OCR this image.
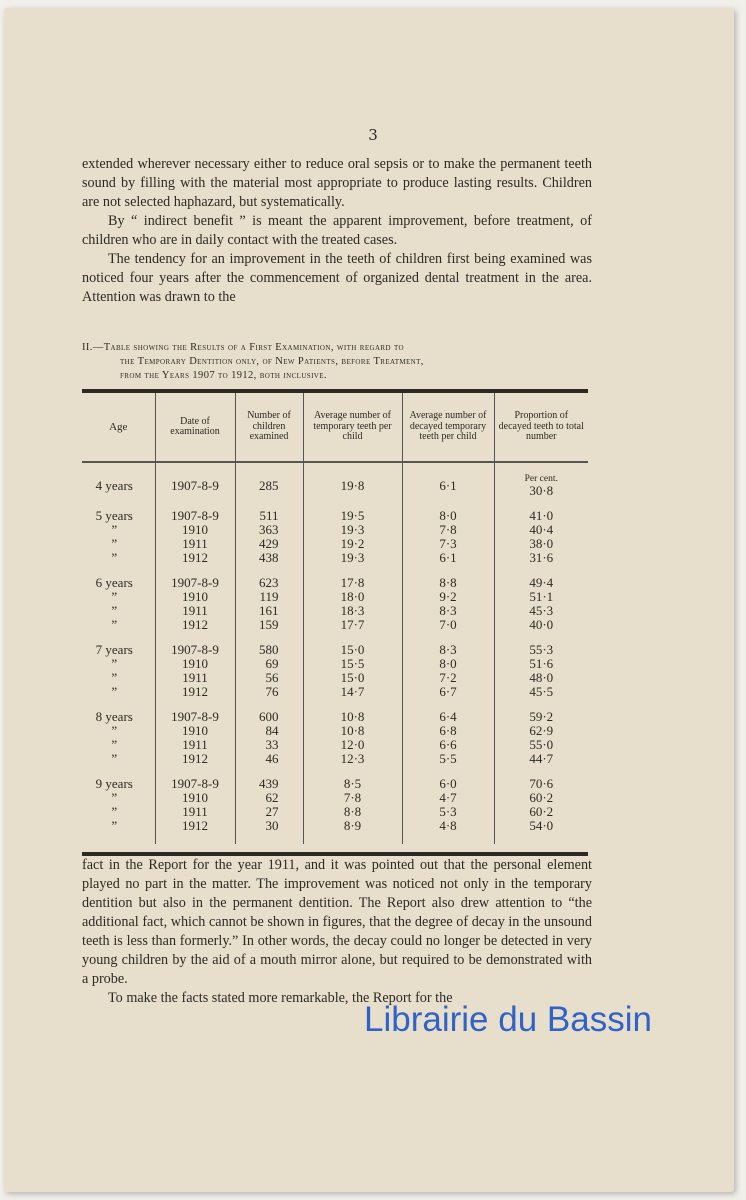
3

extended wherever necessary either to reduce oral sepsis or to make the permanent teeth sound by filling with the material most appropriate to produce lasting results. Children are not selected haphazard, but systematically.

By “ indirect benefit ” is meant the apparent improvement, before treatment, of children who are in daily contact with the treated cases.

The tendency for an improvement in the teeth of children first being examined was noticed four years after the commencement of organized dental treatment in the area. Attention was drawn to the

II.—Table showing the Results of a First Examination, with regard to
the Temporary Dentition only, of New Patients, before Treatment,
from the Years 1907 to 1912, both inclusive.
Age	Date of examination	Number of children examined	Average number of temporary teeth per child	Average number of decayed temporary teeth per child	Proportion of decayed teeth to total number

4 years	1907-8-9	285	19·8	6·1	Per cent.
30·8

5 years	1907-8-9	511	19·5	8·0	41·0
”	1910	363	19·3	7·8	40·4
”	1911	429	19·2	7·3	38·0
”	1912	438	19·3	6·1	31·6

6 years	1907-8-9	623	17·8	8·8	49·4
”	1910	119	18·0	9·2	51·1
”	1911	161	18·3	8·3	45·3
”	1912	159	17·7	7·0	40·0

7 years	1907-8-9	580	15·0	8·3	55·3
”	1910	69	15·5	8·0	51·6
”	1911	56	15·0	7·2	48·0
”	1912	76	14·7	6·7	45·5

8 years	1907-8-9	600	10·8	6·4	59·2
”	1910	84	10·8	6·8	62·9
”	1911	33	12·0	6·6	55·0
”	1912	46	12·3	5·5	44·7

9 years	1907-8-9	439	8·5	6·0	70·6
”	1910	62	7·8	4·7	60·2
”	1911	27	8·8	5·3	60·2
”	1912	30	8·9	4·8	54·0

fact in the Report for the year 1911, and it was pointed out that the personal element played no part in the matter. The improvement was noticed not only in the temporary dentition but also in the permanent dentition. The Report also drew attention to “the additional fact, which cannot be shown in figures, that the degree of decay in the unsound teeth is less than formerly.” In other words, the decay could no longer be detected in very young children by the aid of a mouth mirror alone, but required to be demonstrated with a probe.

To make the facts stated more remarkable, the Report for the

Librairie du Bassin
